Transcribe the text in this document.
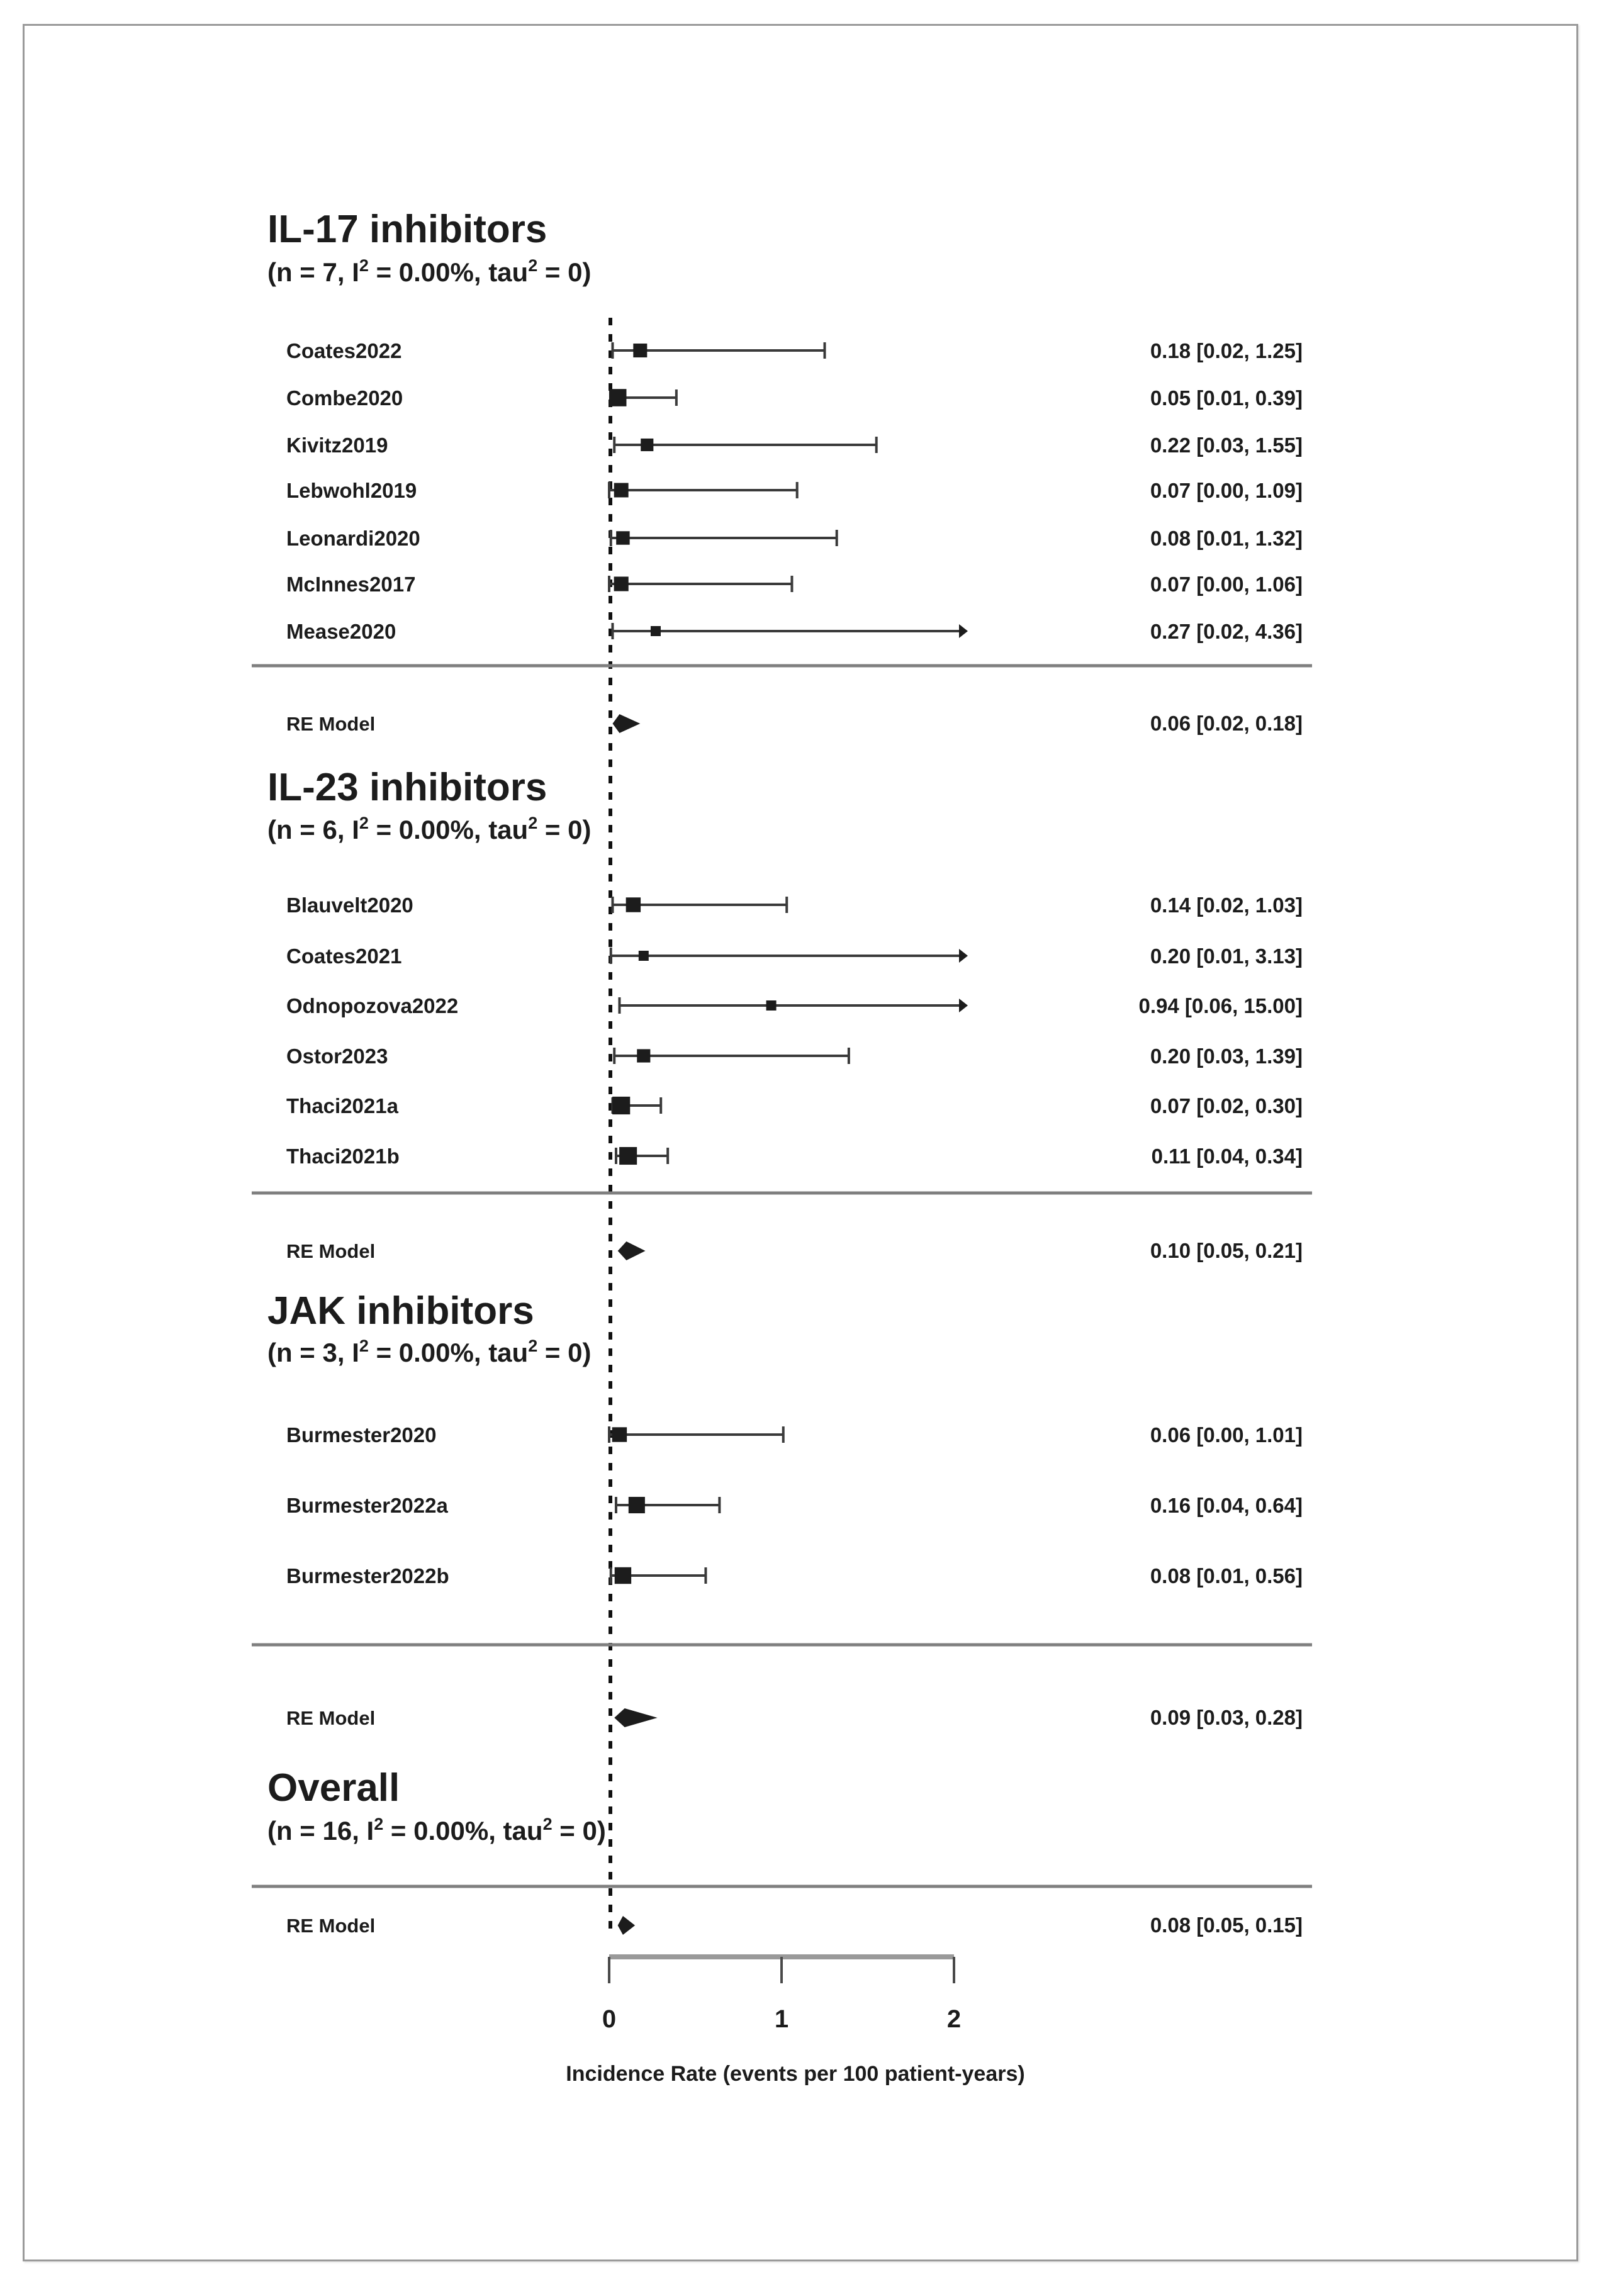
IL-17 inhibitors
(n = 7, $I^2 = 0.00\%$, tau$^2$ = 0)
Coates2022	0.18 [0.02, 1.25]
Combe2020	0.05 [0.01, 0.39]
Kivitz2019	0.22 [0.03, 1.55]
Lebwohl2019	0.07 [0.00, 1.09]
Leonardi2020	0.08 [0.01, 1.32]
McInnes2017	0.07 [0.00, 1.06]
Mease2020	0.27 [0.02, 4.36]
RE Model	0.06 [0.02, 0.18]
IL-23 inhibitors
(n = 6, $I^2 = 0.00\%$, tau$^2$ = 0)
Blauvelt2020	0.14 [0.02, 1.03]
Coates2021	0.20 [0.01, 3.13]
Odnopozova2022	0.94 [0.06, 15.00]
Ostor2023	0.20 [0.03, 1.39]
Thaci2021a	0.07 [0.02, 0.30]
Thaci2021b	0.11 [0.04, 0.34]
RE Model	0.10 [0.05, 0.21]
JAK inhibitors
(n = 3, $I^2 = 0.00\%$, tau$^2$ = 0)
Burmester2020	0.06 [0.00, 1.01]
Burmester2022a	0.16 [0.04, 0.64]
Burmester2022b	0.08 [0.01, 0.56]
RE Model	0.09 [0.03, 0.28]
Overall
(n = 16, $I^2 = 0.00\%$, tau$^2$ = 0)
RE Model	0.08 [0.05, 0.15]
0	1	2
Incidence Rate (events per 100 patient-years)
